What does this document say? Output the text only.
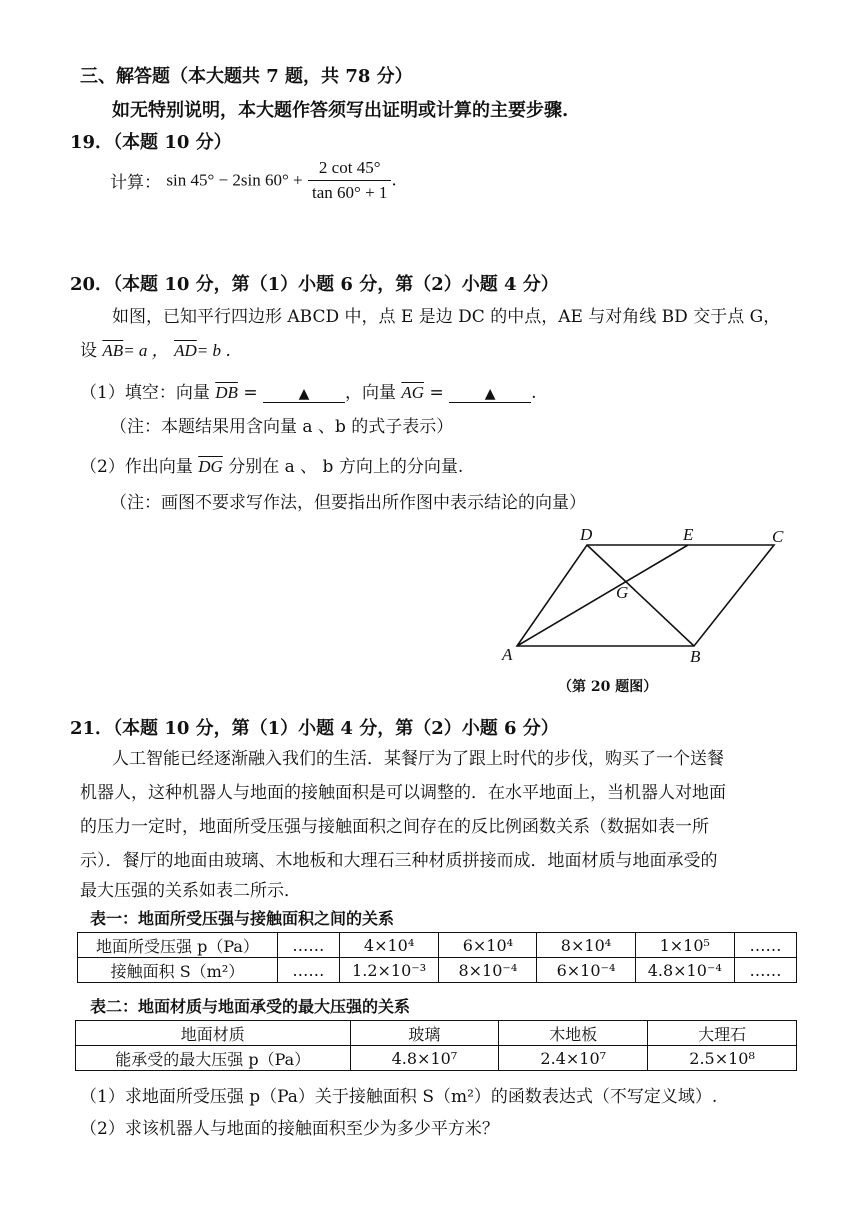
三、解答题（本大题共 7 题，共 78 分）
如无特别说明，本大题作答须写出证明或计算的主要步骤.
19．（本题 10 分）
计算： sin 45° − 2sin $60^\circ + \frac{2 \cot 45^\circ}{\tan 60^\circ + 1}$ .
20．（本题 10 分，第（1）小题 6 分，第（2）小题 4 分）
如图，已知平行四边形 ABCD 中，点 E 是边 DC 的中点，AE 与对角线 BD 交于点 G，
设 $\overline{AB}= a$ ， $\overline{AD}= b$ ．
（1）填空：向量 $\overline{DB}$ =	▲ ，向量 $\overline{AG}$ =	▲ .
（注：本题结果用含向量 a 、b 的式子表示）
（2）作出向量 $\overline{DG}$ 分别在 a 、 b 方向上的分向量.
（注：画图不要求写作法，但要指出所作图中表示结论的向量）
D	E	C
G
A	B
（第 20 题图）
21．（本题 10 分，第（1）小题 4 分，第（2）小题 6 分）
人工智能已经逐渐融入我们的生活．某餐厅为了跟上时代的步伐，购买了一个送餐
机器人，这种机器人与地面的接触面积是可以调整的．在水平地面上，当机器人对地面
的压力一定时，地面所受压强与接触面积之间存在的反比例函数关系（数据如表一所
示）．餐厅的地面由玻璃、木地板和大理石三种材质拼接而成．地面材质与地面承受的
最大压强的关系如表二所示．
表一：地面所受压强与接触面积之间的关系
地面所受压强 p（Pa）	……	4×10⁴	6×10⁴	8×10⁴	1×10⁵	……
接触面积 S（m²）	……	1.2×10⁻³	8×10⁻⁴	6×10⁻⁴	4.8×10⁻⁴	……
表二：地面材质与地面承受的最大压强的关系
地面材质	玻璃	木地板	大理石
能承受的最大压强 p（Pa）	4.8×10⁷	2.4×10⁷	2.5×10⁸
（1）求地面所受压强 p（Pa）关于接触面积 S（m²）的函数表达式（不写定义域）.
（2）求该机器人与地面的接触面积至少为多少平方米？
